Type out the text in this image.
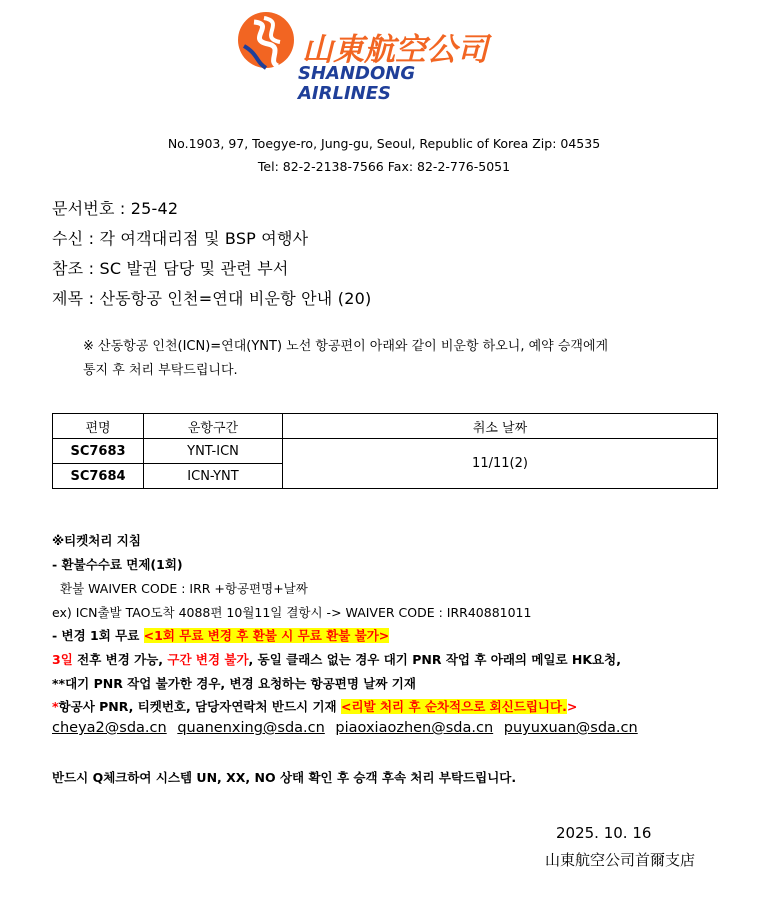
山東航空公司
SHANDONG
AIRLINES
No.1903, 97, Toegye-ro, Jung-gu, Seoul, Republic of Korea Zip: 04535
Tel: 82-2-2138-7566 Fax: 82-2-776-5051
문서번호 : 25-42
수신 : 각 여객대리점 및 BSP 여행사
참조 : SC 발권 담당 및 관련 부서
제목 : 산동항공 인천=연대 비운항 안내 (20)
※ 산동항공 인천(ICN)=연대(YNT) 노선 항공편이 아래와 같이 비운항 하오니, 예약 승객에게
통지 후 처리 부탁드립니다.
편명	운항구간	취소 날짜
SC7683	YNT-ICN	11/11(2)
SC7684	ICN-YNT	
※티켓처리 지침
- 환불수수료 면제(1회)
환불 WAIVER CODE : IRR +항공편명+날짜
ex) ICN출발 TAO도착 4088편 10월11일 결항시 -> WAIVER CODE : IRR40881011
- 변경 1회 무료 <1회 무료 변경 후 환불 시 무료 환불 불가>
3일 전후 변경 가능, 구간 변경 불가, 동일 클래스 없는 경우 대기 PNR 작업 후 아래의 메일로 HK요청,
**대기 PNR 작업 불가한 경우, 변경 요청하는 항공편명 날짜 기재
*항공사 PNR, 티켓번호, 담당자연락처 반드시 기재 <리발 처리 후 순차적으로 회신드립니다.>
cheya2@sda.cn quanenxing@sda.cn piaoxiaozhen@sda.cn puyuxuan@sda.cn
반드시 Q체크하여 시스템 UN, XX, NO 상태 확인 후 승객 후속 처리 부탁드립니다.
2025. 10. 16
山東航空公司首爾支店
